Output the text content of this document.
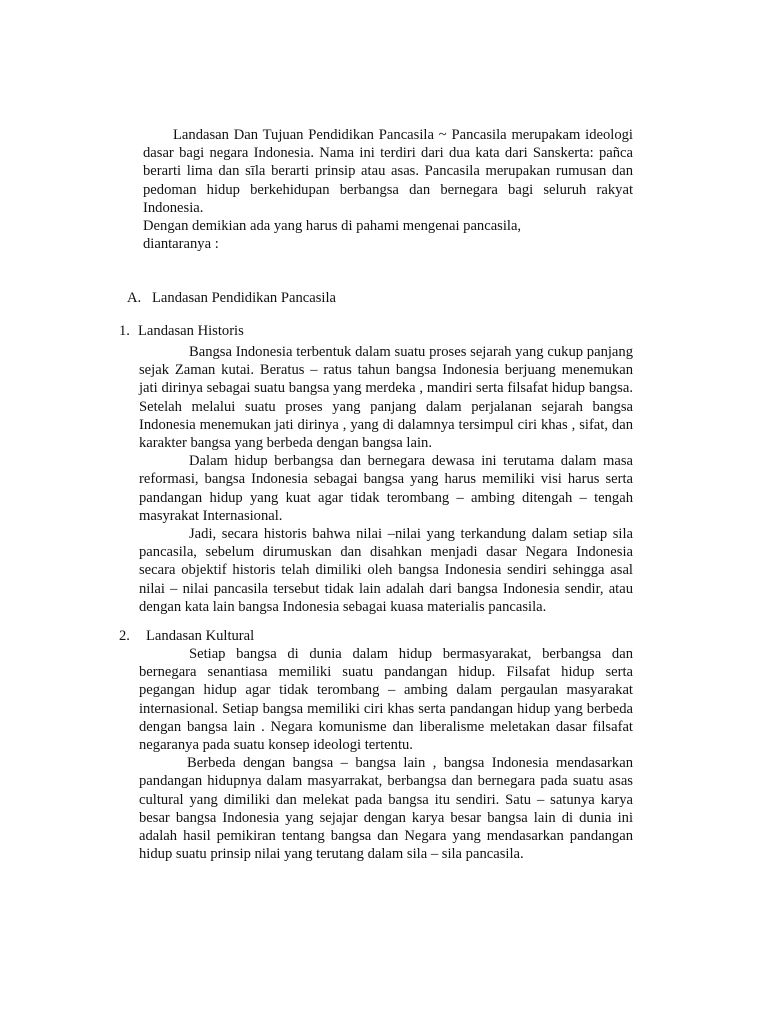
Landasan Dan Tujuan Pendidikan Pancasila ~ Pancasila merupakam ideologi dasar bagi negara Indonesia. Nama ini terdiri dari dua kata dari Sanskerta: pañca berarti lima dan sīla berarti prinsip atau asas. Pancasila merupakan rumusan dan pedoman hidup berkehidupan berbangsa dan bernegara bagi seluruh rakyat Indonesia.

Dengan demikian ada yang harus di pahami mengenai pancasila,

diantaranya :

A. Landasan Pendidikan Pancasila
1. Landasan Historis

Bangsa Indonesia terbentuk dalam suatu proses sejarah yang cukup panjang sejak Zaman kutai. Beratus – ratus tahun bangsa Indonesia berjuang menemukan jati dirinya sebagai suatu bangsa yang merdeka , mandiri serta filsafat hidup bangsa. Setelah melalui suatu proses yang panjang dalam perjalanan sejarah bangsa Indonesia menemukan jati dirinya , yang di dalamnya tersimpul ciri khas , sifat, dan karakter bangsa yang berbeda dengan bangsa lain.

Dalam hidup berbangsa dan bernegara dewasa ini terutama dalam masa reformasi, bangsa Indonesia sebagai bangsa yang harus memiliki visi harus serta pandangan hidup yang kuat agar tidak terombang – ambing ditengah – tengah masyrakat Internasional.

Jadi, secara historis bahwa nilai –nilai yang terkandung dalam setiap sila pancasila, sebelum dirumuskan dan disahkan menjadi dasar Negara Indonesia secara objektif historis telah dimiliki oleh bangsa Indonesia sendiri sehingga asal nilai – nilai pancasila tersebut tidak lain adalah dari bangsa Indonesia sendir, atau dengan kata lain bangsa Indonesia sebagai kuasa materialis pancasila.

2. Landasan Kultural

Setiap bangsa di dunia dalam hidup bermasyarakat, berbangsa dan bernegara senantiasa memiliki suatu pandangan hidup. Filsafat hidup serta pegangan hidup agar tidak terombang – ambing dalam pergaulan masyarakat internasional. Setiap bangsa memiliki ciri khas serta pandangan hidup yang berbeda dengan bangsa lain . Negara komunisme dan liberalisme meletakan dasar filsafat negaranya pada suatu konsep ideologi tertentu.

Berbeda dengan bangsa – bangsa lain , bangsa Indonesia mendasarkan pandangan hidupnya dalam masyarrakat, berbangsa dan bernegara pada suatu asas cultural yang dimiliki dan melekat pada bangsa itu sendiri. Satu – satunya karya besar bangsa Indonesia yang sejajar dengan karya besar bangsa lain di dunia ini adalah hasil pemikiran tentang bangsa dan Negara yang mendasarkan pandangan hidup suatu prinsip nilai yang terutang dalam sila – sila pancasila.
